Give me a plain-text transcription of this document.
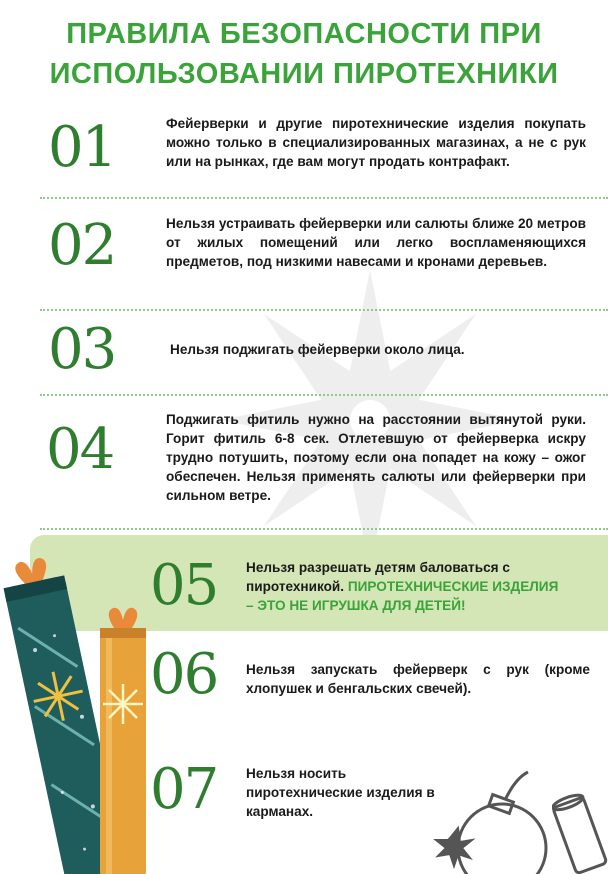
ПРАВИЛА БЕЗОПАСНОСТИ ПРИ
ИСПОЛЬЗОВАНИИ ПИРОТЕХНИКИ
01	Фейерверки и другие пиротехнические изделия покупать можно только в специализированных магазинах, а не с рук или на рынках, где вам могут продать контрафакт.
02	Нельзя устраивать фейерверки или салюты ближе 20 метров от жилых помещений или легко воспламеняющихся предметов, под низкими навесами и кронами деревьев.
03	Нельзя поджигать фейерверки около лица.
04	Поджигать фитиль нужно на расстоянии вытянутой руки. Горит фитиль 6-8 сек. Отлетевшую от фейерверка искру трудно потушить, поэтому если она попадет на кожу – ожог обеспечен. Нельзя применять салюты или фейерверки при сильном ветре.
05 Нельзя разрешать детям баловаться с пиротехникой. ПИРОТЕХНИЧЕСКИЕ ИЗДЕЛИЯ – ЭТО НЕ ИГРУШКА ДЛЯ ДЕТЕЙ!
06 Нельзя запускать фейерверк с рук (кроме хлопушек и бенгальских свечей).
07 Нельзя носить пиротехнические изделия в карманах.
